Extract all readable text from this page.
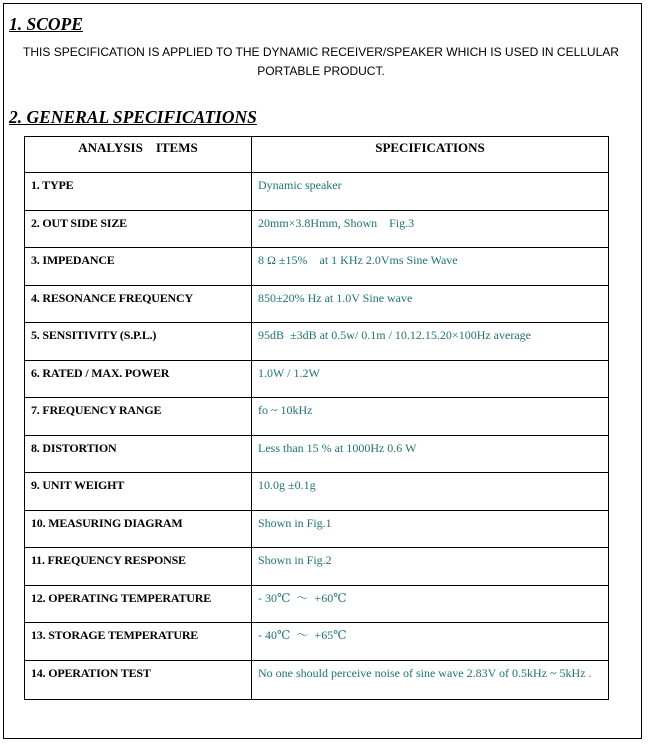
1. SCOPE
THIS SPECIFICATION IS APPLIED TO THE DYNAMIC RECEIVER/SPEAKER WHICH IS USED IN CELLULAR PORTABLE PRODUCT.
2. GENERAL SPECIFICATIONS
ANALYSIS    ITEMS	SPECIFICATIONS
1. TYPE	Dynamic speaker
2. OUT SIDE SIZE	20mm×3.8Hmm, Shown    Fig.3
3. IMPEDANCE	8 Ω ±15%    at 1 KHz 2.0Vms Sine Wave
4. RESONANCE FREQUENCY	850±20% Hz at 1.0V Sine wave
5. SENSITIVITY (S.P.L.)	95dB  ±3dB at 0.5w/ 0.1m / 10.12.15.20×100Hz average
6. RATED / MAX. POWER	1.0W / 1.2W
7. FREQUENCY RANGE	fo ~ 10kHz
8. DISTORTION	Less than 15 % at 1000Hz 0.6 W
9. UNIT WEIGHT	10.0g ±0.1g
10. MEASURING DIAGRAM	Shown in Fig.1
11. FREQUENCY RESPONSE	Shown in Fig.2
12. OPERATING TEMPERATURE	- 30℃  ～  +60℃
13. STORAGE TEMPERATURE	- 40℃  ～  +65℃
14. OPERATION TEST	No one should perceive noise of sine wave 2.83V of 0.5kHz ~ 5kHz .
